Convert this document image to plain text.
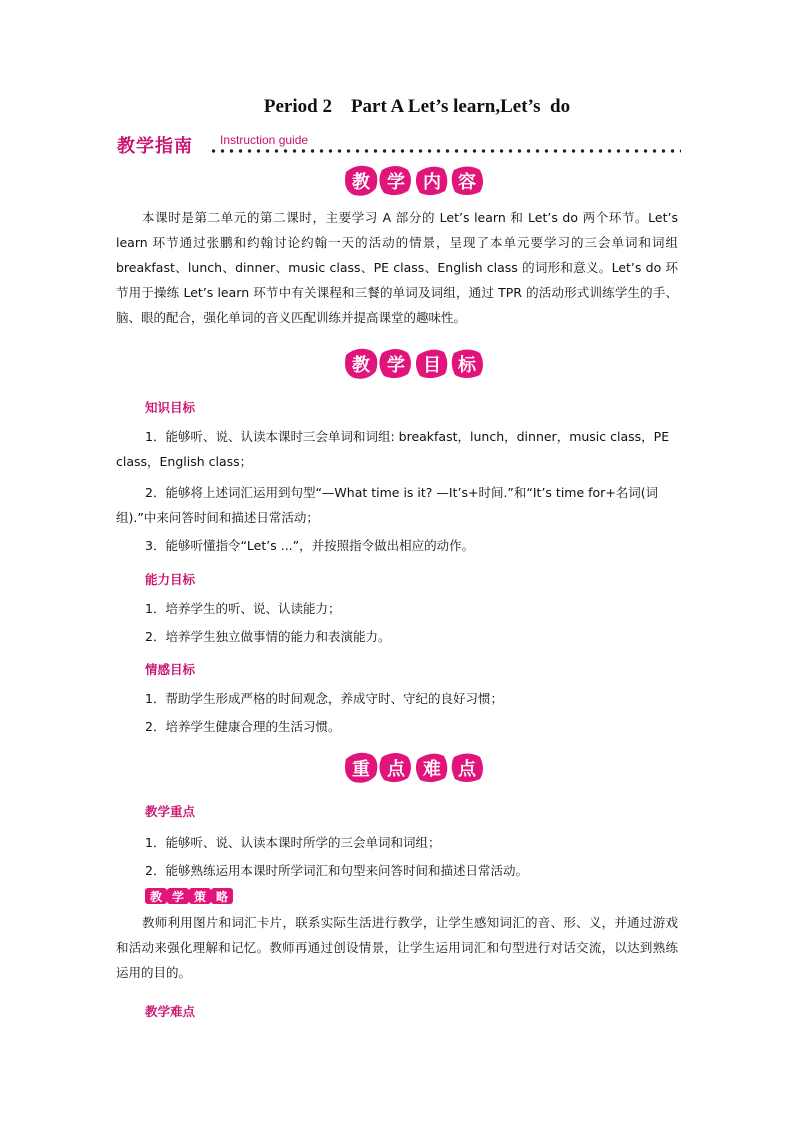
Period 2    Part A Let’s learn,Let’s  do
教学指南 Instruction guide
教 学 内 容

本课时是第二单元的第二课时，主要学习 A 部分的 Let’s learn 和 Let’s do 两个环节。Let’s learn 环节通过张鹏和约翰讨论约翰一天的活动的情景，呈现了本单元要学习的三会单词和词组 breakfast、lunch、dinner、music class、PE class、English class 的词形和意义。Let’s do 环节用于操练 Let’s learn 环节中有关课程和三餐的单词及词组，通过 TPR 的活动形式训练学生的手、脑、眼的配合，强化单词的音义匹配训练并提高课堂的趣味性。

教 学 目 标
知识目标
1．能够听、说、认读本课时三会单词和词组: breakfast，lunch，dinner，music class，PE class，English class；
2．能够将上述词汇运用到句型“—What time is it? —It’s+时间.”和“It’s time for+名词(词组).”中来问答时间和描述日常活动；
3．能够听懂指令“Let’s ...”，并按照指令做出相应的动作。
能力目标
1．培养学生的听、说、认读能力；
2．培养学生独立做事情的能力和表演能力。
情感目标
1．帮助学生形成严格的时间观念，养成守时、守纪的良好习惯；
2．培养学生健康合理的生活习惯。
重 点 难 点
教学重点
1．能够听、说、认读本课时所学的三会单词和词组；
2．能够熟练运用本课时所学词汇和句型来问答时间和描述日常活动。
教 学 策 略

教师利用图片和词汇卡片，联系实际生活进行教学，让学生感知词汇的音、形、义，并通过游戏和活动来强化理解和记忆。教师再通过创设情景，让学生运用词汇和句型进行对话交流，以达到熟练运用的目的。

教学难点
